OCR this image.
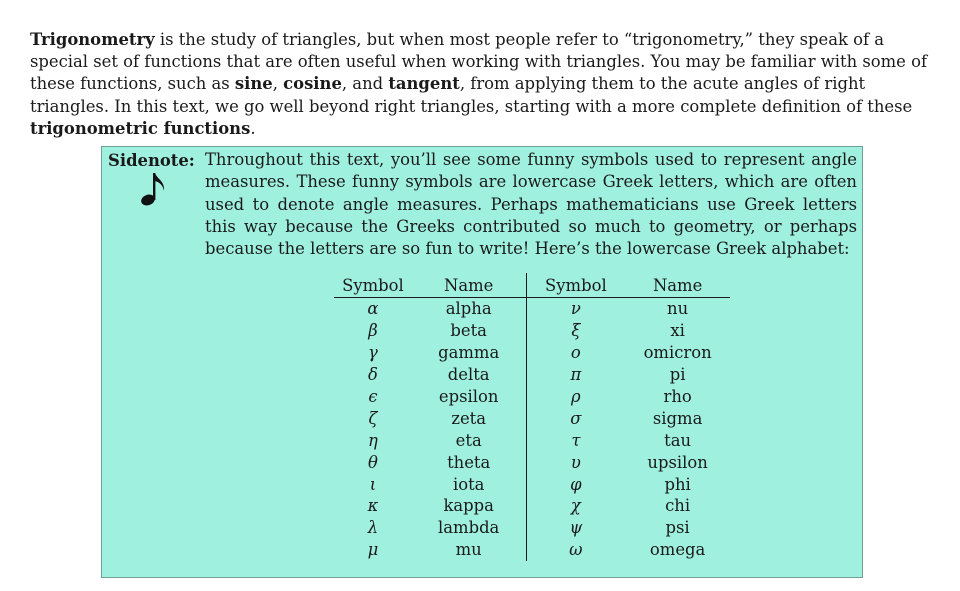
Trigonometry is the study of triangles, but when most people refer to “trigonometry,” they speak of a special set of functions that are often useful when working with triangles. You may be familiar with some of these functions, such as sine, cosine, and tangent, from applying them to the acute angles of right triangles. In this text, we go well beyond right triangles, starting with a more complete definition of these trigonometric functions.

Sidenote: Throughout this text, you’ll see some funny symbols used to represent angle measures. These funny symbols are lowercase Greek letters, which are often used to denote angle measures. Perhaps mathematicians use Greek letters this way because the Greeks contributed so much to geometry, or perhaps because the letters are so fun to write! Here’s the lowercase Greek alphabet:

Symbol	Name	Symbol	Name
α	alpha	ν	nu
β	beta	ξ	xi
γ	gamma	ο	omicron
δ	delta	π	pi
ϵ	epsilon	ρ	rho
ζ	zeta	σ	sigma
η	eta	τ	tau
θ	theta	υ	upsilon
ι	iota	φ	phi
κ	kappa	χ	chi
λ	lambda	ψ	psi
μ	mu	ω	omega
